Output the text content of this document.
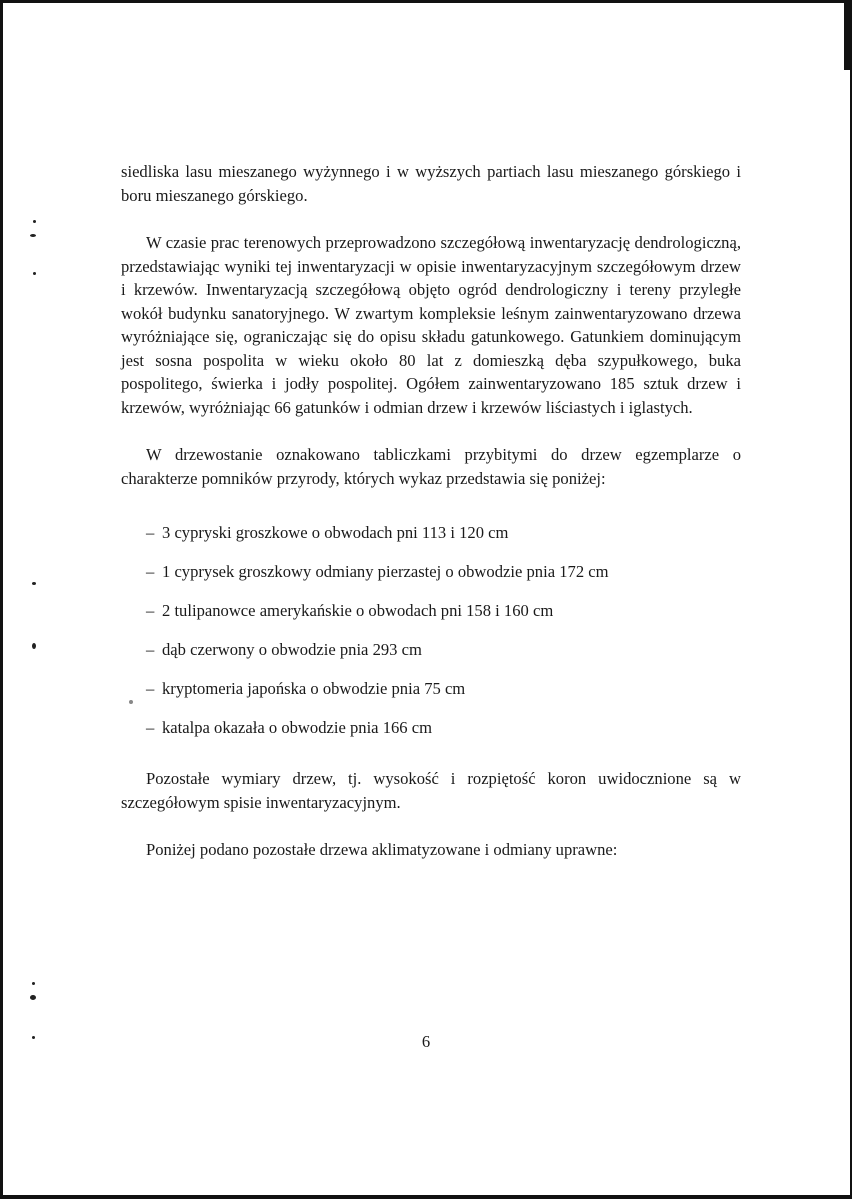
siedliska lasu mieszanego wyżynnego i w wyższych partiach lasu mieszanego górskiego i boru mieszanego górskiego.

W czasie prac terenowych przeprowadzono szczegółową inwentaryzację dendrologiczną, przedstawiając wyniki tej inwentaryzacji w opisie inwentaryzacyjnym szczegółowym drzew i krzewów. Inwentaryzacją szczegółową objęto ogród dendrologiczny i tereny przyległe wokół budynku sanatoryjnego. W zwartym kompleksie leśnym zainwentaryzowano drzewa wyróżniające się, ograniczając się do opisu składu gatunkowego. Gatunkiem dominującym jest sosna pospolita w wieku około 80 lat z domieszką dęba szypułkowego, buka pospolitego, świerka i jodły pospolitej. Ogółem zainwentaryzowano 185 sztuk drzew i krzewów, wyróżniając 66 gatunków i odmian drzew i krzewów liściastych i iglastych.

W drzewostanie oznakowano tabliczkami przybitymi do drzew egzemplarze o charakterze pomników przyrody, których wykaz przedstawia się poniżej:

– 3 cypryski groszkowe o obwodach pni 113 i 120 cm
– 1 cyprysek groszkowy odmiany pierzastej o obwodzie pnia 172 cm
– 2 tulipanowce amerykańskie o obwodach pni 158 i 160 cm
– dąb czerwony o obwodzie pnia 293 cm
– kryptomeria japońska o obwodzie pnia 75 cm
– katalpa okazała o obwodzie pnia 166 cm

Pozostałe wymiary drzew, tj. wysokość i rozpiętość koron uwidocznione są w szczegółowym spisie inwentaryzacyjnym.

Poniżej podano pozostałe drzewa aklimatyzowane i odmiany uprawne:

6
